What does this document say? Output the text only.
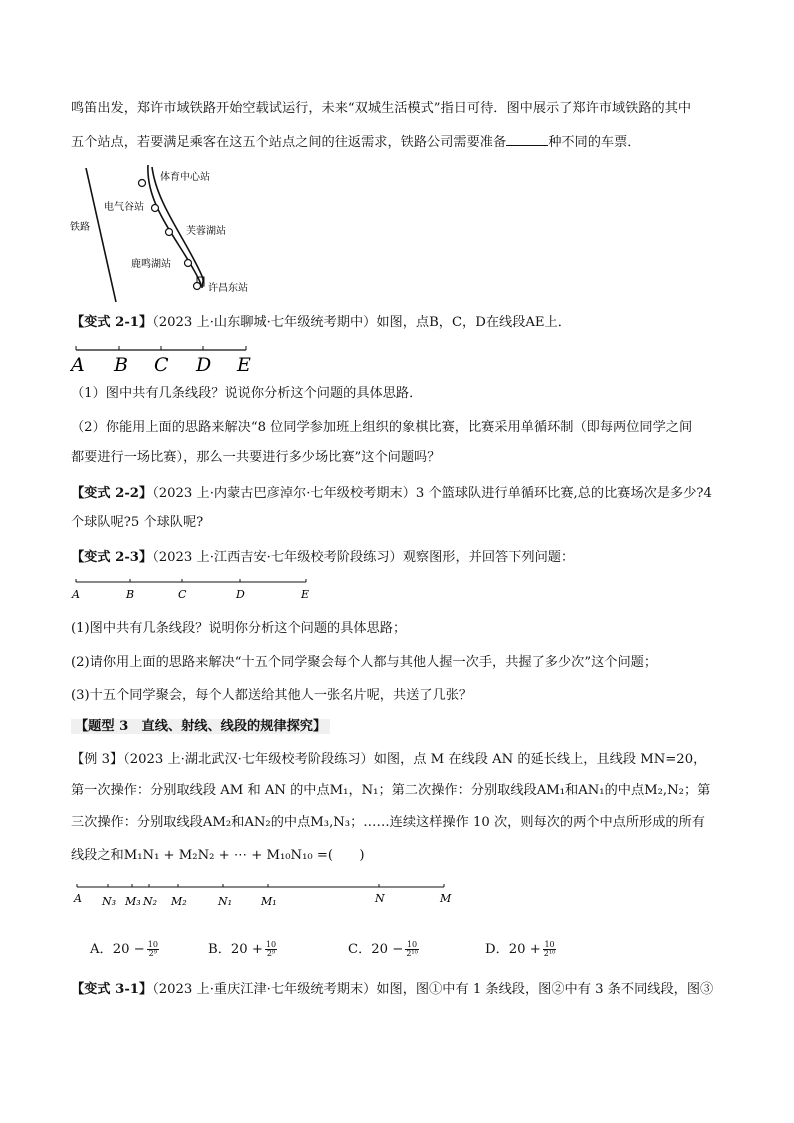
鸣笛出发，郑许市域铁路开始空载试运行，未来“双城生活模式”指日可待．图中展示了郑许市域铁路的其中

五个站点，若要满足乘客在这五个站点之间的往返需求，铁路公司需要准备	种不同的车票．

铁路
体育中心站
电气谷站
芙蓉湖站
鹿鸣湖站
许昌东站

【变式 2-1】（2023 上·山东聊城·七年级统考期中）如图，点B，C，D在线段AE上．

A B C D E

（1）图中共有几条线段？说说你分析这个问题的具体思路．

（2）你能用上面的思路来解决“8 位同学参加班上组织的象棋比赛，比赛采用单循环制（即每两位同学之间

都要进行一场比赛），那么一共要进行多少场比赛”这个问题吗？

【变式 2-2】（2023 上·内蒙古巴彦淖尔·七年级校考期末）3 个篮球队进行单循环比赛,总的比赛场次是多少?4

个球队呢?5 个球队呢?

【变式 2-3】（2023 上·江西吉安·七年级校考阶段练习）观察图形，并回答下列问题：

A	B	C	D	E

(1)图中共有几条线段？说明你分析这个问题的具体思路；

(2)请你用上面的思路来解决“十五个同学聚会每个人都与其他人握一次手，共握了多少次”这个问题；

(3)十五个同学聚会，每个人都送给其他人一张名片呢，共送了几张？

【题型 3　直线、射线、线段的规律探究】

【例 3】（2023 上·湖北武汉·七年级校考阶段练习）如图，点 M 在线段 AN 的延长线上，且线段 MN=20，

第一次操作：分别取线段 AM 和 AN 的中点M₁，N₁；第二次操作：分别取线段AM₁和AN₁的中点M₂,N₂；第

三次操作：分别取线段AM₂和AN₂的中点M₃,N₃；……连续这样操作 10 次，则每次的两个中点所形成的所有

线段之和M₁N₁ + M₂N₂ + ⋯ + M₁₀N₁₀ =(　　)

A N₃ M₃ N₂ M₂	N₁	M₁	N	M
A．$20 - \frac{10}{\text{2⁹}}$	B．$20 + \frac{10}{\text{2⁹}}$	C．$20 - \frac{10}{\text{2¹⁰}}$	D．$20 + \frac{10}{\text{2¹⁰}}$

【变式 3-1】（2023 上·重庆江津·七年级统考期末）如图，图①中有 1 条线段，图②中有 3 条不同线段，图③
